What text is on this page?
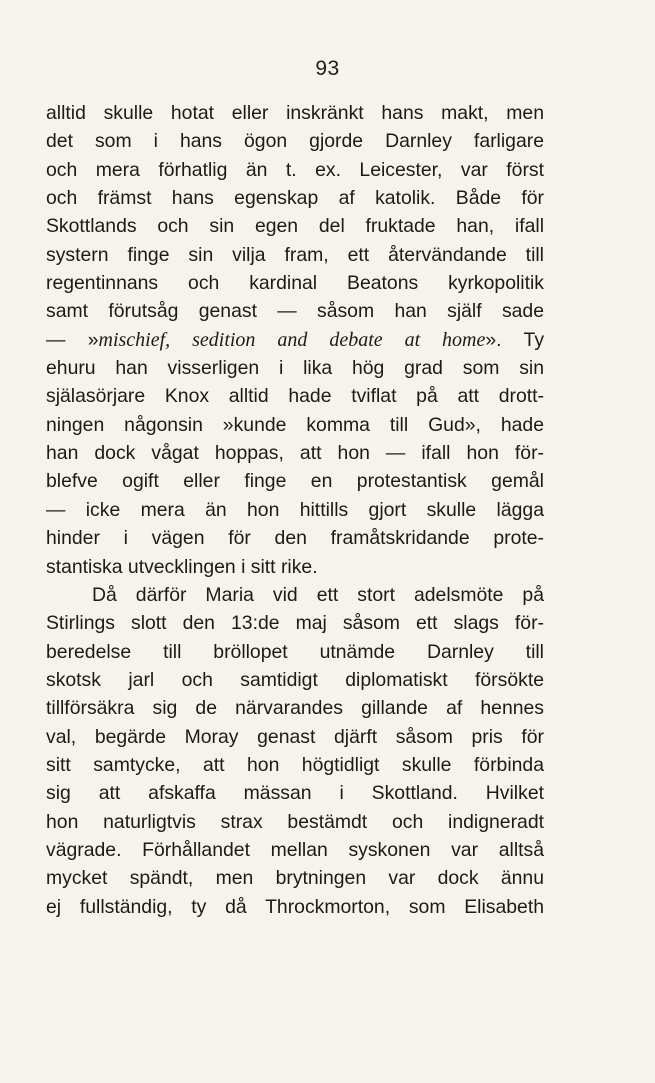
93
alltid skulle hotat eller inskränkt hans makt, men
det som i hans ögon gjorde Darnley farligare
och mera förhatlig än t. ex. Leicester, var först
och främst hans egenskap af katolik. Både för
Skottlands och sin egen del fruktade han, ifall
systern finge sin vilja fram, ett återvändande till
regentinnans och kardinal Beatons kyrkopolitik
samt förutsåg genast — såsom han själf sade
— »mischief, sedition and debate at home». Ty
ehuru han visserligen i lika hög grad som sin
själasörjare Knox alltid hade tviflat på att drott-
ningen någonsin »kunde komma till Gud», hade
han dock vågat hoppas, att hon — ifall hon för-
blefve ogift eller finge en protestantisk gemål
— icke mera än hon hittills gjort skulle lägga
hinder i vägen för den framåtskridande prote-
stantiska utvecklingen i sitt rike.
Då därför Maria vid ett stort adelsmöte på
Stirlings slott den 13:de maj såsom ett slags för-
beredelse till bröllopet utnämde Darnley till
skotsk jarl och samtidigt diplomatiskt försökte
tillförsäkra sig de närvarandes gillande af hennes
val, begärde Moray genast djärft såsom pris för
sitt samtycke, att hon högtidligt skulle förbinda
sig att afskaffa mässan i Skottland. Hvilket
hon naturligtvis strax bestämdt och indigneradt
vägrade. Förhållandet mellan syskonen var alltså
mycket spändt, men brytningen var dock ännu
ej fullständig, ty då Throckmorton, som Elisabeth
